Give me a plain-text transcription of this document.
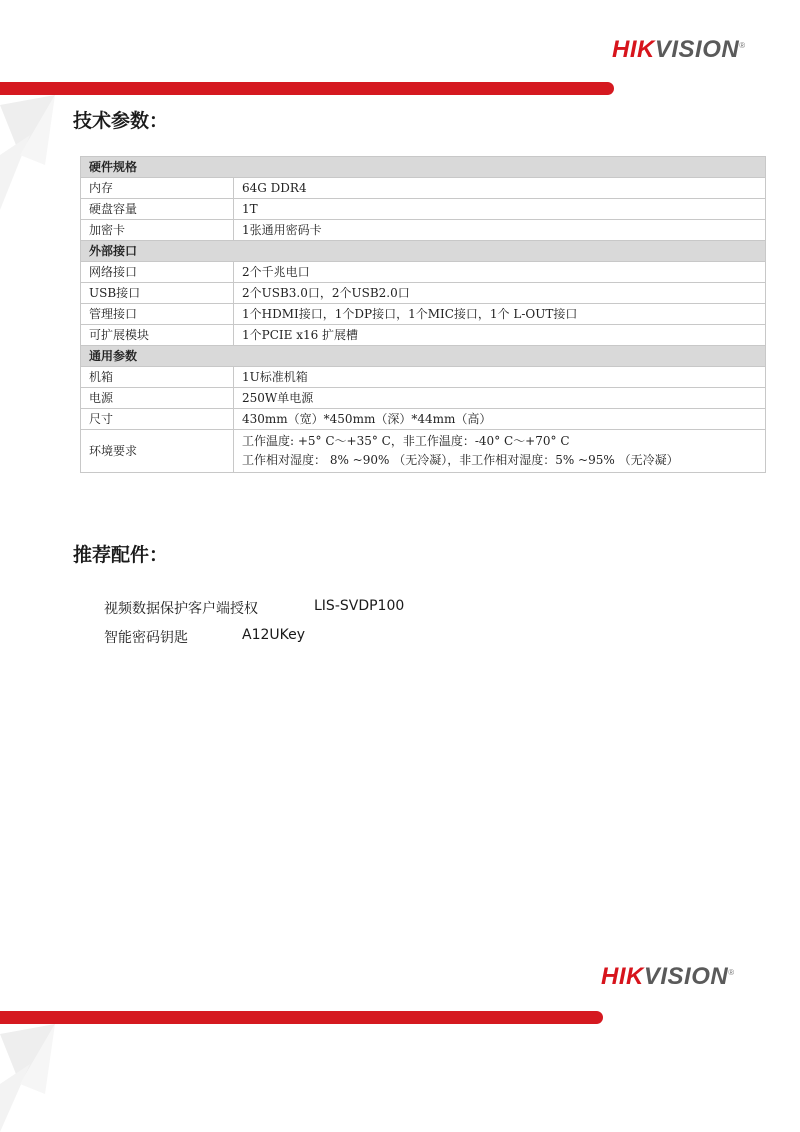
HIKVISION®
技术参数：
硬件规格	
内存	64G DDR4
硬盘容量	1T
加密卡	1张通用密码卡
外部接口	
网络接口	2个千兆电口
USB接口	2个USB3.0口，2个USB2.0口
管理接口	1个HDMI接口，1个DP接口，1个MIC接口，1个 L-OUT接口
可扩展模块	1个PCIE x16 扩展槽
通用参数	
机箱	1U标准机箱
电源	250W单电源
尺寸	430mm（宽）*450mm（深）*44mm（高）
环境要求	工作温度: +5° C～+35° C，非工作温度：-40° C～+70° C
工作相对湿度： 8% ~90% （无冷凝），非工作相对湿度：5% ~95% （无冷凝）
推荐配件：
视频数据保护客户端授权	LIS-SVDP100
智能密码钥匙	A12UKey
HIKVISION®
